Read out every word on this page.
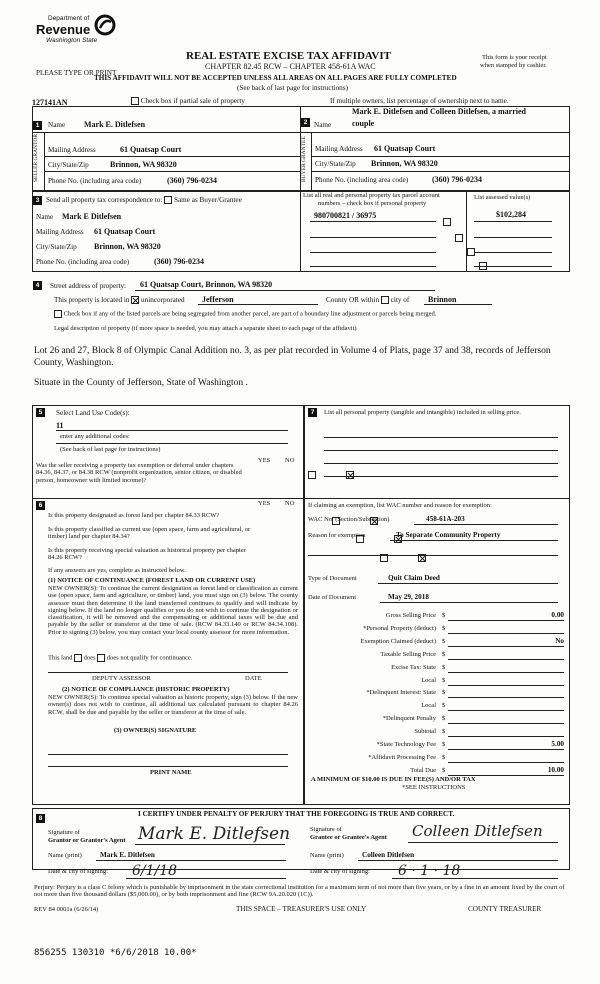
Department of
Revenue
Washington State
REAL ESTATE EXCISE TAX AFFIDAVIT
CHAPTER 82.45 RCW – CHAPTER 458-61A WAC
PLEASE TYPE OR PRINT
This form is your receipt
when stamped by cashier.
THIS AFFIDAVIT WILL NOT BE ACCEPTED UNLESS ALL AREAS ON ALL PAGES ARE FULLY COMPLETED
(See back of last page for instructions)
127141AN	Check box if partial sale of property	If multiple owners, list percentage of ownership next to name.
1	Name Mark E. Ditlefsen
SELLER GRANTOR Mailing Address	61 Quatsap Court
City/State/Zip	Brinnon, WA 98320
Phone No. (including area code)	(360) 796-0234
2 Name
Mark E. Ditlefsen and Colleen Ditlefsen, a married
couple
BUYER GRANTEE Mailing Address 61 Quatsap Court
City/State/Zip Brinnon, WA 98320
Phone No. (including area code)	(360) 796-0234
3 Send all property tax correspondence to: Same as Buyer/Grantee
Name Mark E Ditlefsen
Mailing Address 61 Quatsap Court
City/State/Zip Brinnon, WA 98320
Phone No. (including area code)	(360) 796-0234
List all real and personal property tax parcel account
numbers – check box if personal property
List assessed value(s)
980700821 / 36975	$102,284

4	Street address of property: 61 Quatsap Court, Brinnon, WA 98320
This property is located in unincorporated Jefferson	County OR within city of Brinnon
Check box if any of the listed parcels are being segregated from another parcel, are part of a boundary line adjustment or parcels being merged.
Legal description of property (if more space is needed, you may attach a separate sheet to each page of the affidavit)
Lot 26 and 27, Block 8 of Olympic Canal Addition no. 3, as per plat recorded in Volume 4 of Plats, page 37 and 38, records of Jefferson County, Washington.
Situate in the County of Jefferson, State of Washington .
5	Select Land Use Code(s):
11
enter any additional codes:
(See back of last page for instructions)
YES NO
Was the seller receiving a property tax exemption or deferral under chapters 84.36, 84.37, or 84.38 RCW (nonprofit organization, senior citizen, or disabled person, homeowner with limited income)?

6	YES NO
Is this property designated as forest land per chapter 84.33 RCW?

Is this property classified as current use (open space, farm and agricultural, or timber) land per chapter 84.34?

Is this property receiving special valuation as historical property per chapter 84.26 RCW?

If any answers are yes, complete as instructed below.
(1) NOTICE OF CONTINUANCE (FOREST LAND OR CURRENT USE)
NEW OWNER(S): To continue the current designation as forest land or classification as current use (open space, farm and agriculture, or timber) land, you must sign on (3) below. The county assessor must then determine if the land transferred continues to qualify and will indicate by signing below. If the land no longer qualifies or you do not wish to continue the designation or classification, it will be removed and the compensating or additional taxes will be due and payable by the seller or transferor at the time of sale. (RCW 84.33.140 or RCW 84.34.108). Prior to signing (3) below, you may contact your local county assessor for more information.
This land does does not qualify for continuance.
DEPUTY ASSESSOR	DATE
(2) NOTICE OF COMPLIANCE (HISTORIC PROPERTY)
NEW OWNER(S): To continue special valuation as historic property, sign (3) below. If the new owner(s) does not wish to continue, all additional tax calculated pursuant to chapter 84.26 RCW, shall be due and payable by the seller or transferor at the time of sale.
(3) OWNER(S) SIGNATURE
PRINT NAME
7	List all personal property (tangible and intangible) included in selling price.
If claiming an exemption, list WAC number and reason for exemption:
WAC No. (Section/Subsection)	458-61A-203
Reason for exemption	To Separate Community Property
Type of Document	Quit Claim Deed
Date of Document	May 29, 2018
Gross Selling Price $	0.00
*Personal Property (deduct) $
Exemption Claimed (deduct) $	No
Taxable Selling Price $
Excise Tax: State $
Local $
*Delinquent Interest: State $
Local $
*Delinquent Penalty $
Subtotal $
*State Technology Fee $	5.00
*Affidavit Processing Fee $
Total Due $	10.00
A MINIMUM OF $10.00 IS DUE IN FEE(S) AND/OR TAX
*SEE INSTRUCTIONS
8
I CERTIFY UNDER PENALTY OF PERJURY THAT THE FOREGOING IS TRUE AND CORRECT.
Signature of
Grantor or Grantor's Agent Mark E. Ditlefsen
Name (print)	Mark E. Ditlefsen
Date & city of signing: 6/1/18
Signature of
Grantee or Grantee's Agent Colleen Ditlefsen
Name (print)	Colleen Ditlefsen
Date & city of signing: 6 · 1 · 18
Perjury: Perjury is a class C felony which is punishable by imprisonment in the state correctional institution for a maximum term of not more than five years, or by a fine in an amount fixed by the court of not more than five thousand dollars ($5,000.00), or by both imprisonment and fine (RCW 9A.20.020 (1C)).
REV 84 0001a (6/26/14)	THIS SPACE – TREASURER'S USE ONLY	COUNTY TREASURER
856255 130310 *6/6/2018 10.00*
